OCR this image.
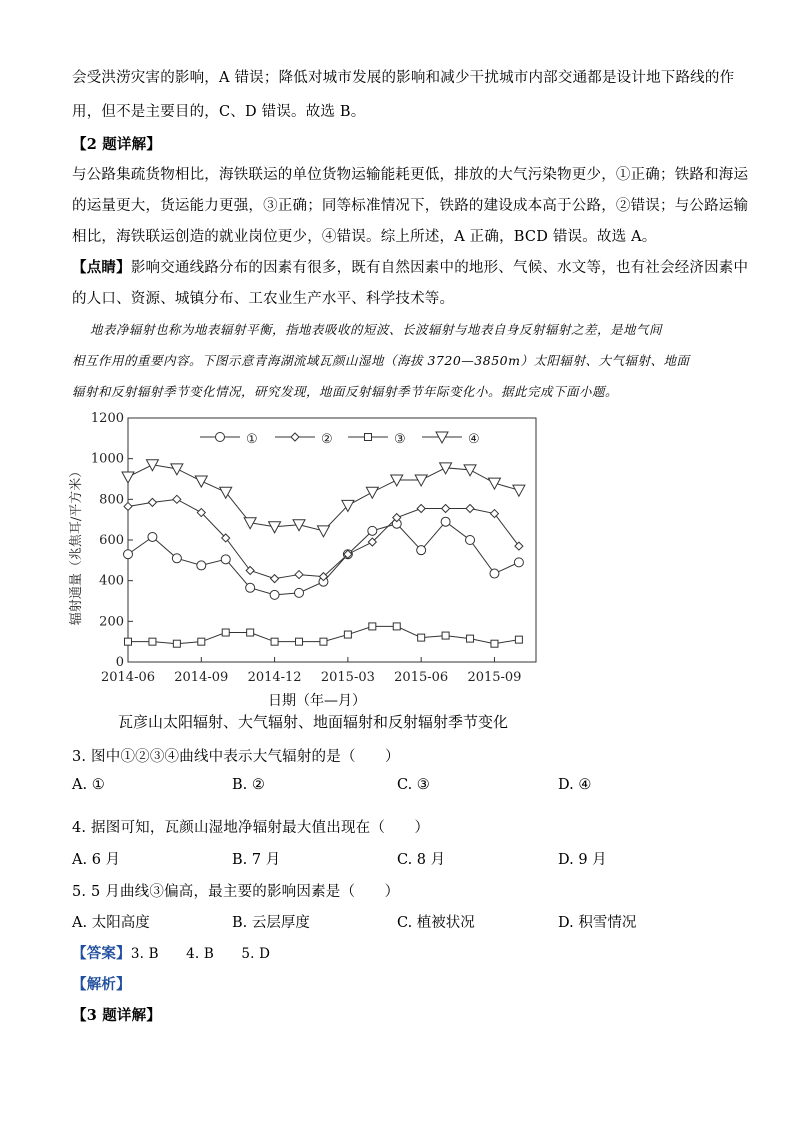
会受洪涝灾害的影响，A 错误；降低对城市发展的影响和减少干扰城市内部交通都是设计地下路线的作
用，但不是主要目的，C、D 错误。故选 B。
【2 题详解】
与公路集疏货物相比，海铁联运的单位货物运输能耗更低，排放的大气污染物更少，①正确；铁路和海运
的运量更大，货运能力更强，③正确；同等标准情况下，铁路的建设成本高于公路，②错误；与公路运输
相比，海铁联运创造的就业岗位更少，④错误。综上所述，A 正确，BCD 错误。故选 A。
【点睛】影响交通线路分布的因素有很多，既有自然因素中的地形、气候、水文等，也有社会经济因素中
的人口、资源、城镇分布、工农业生产水平、科学技术等。
地表净辐射也称为地表辐射平衡，指地表吸收的短波、长波辐射与地表自身反射辐射之差，是地气间
相互作用的重要内容。下图示意青海湖流域瓦颜山湿地（海拔 3720—3850m）太阳辐射、大气辐射、地面
辐射和反射辐射季节变化情况，研究发现，地面反射辐射季节年际变化小。据此完成下面小题。
辐射通量（兆焦耳/平方米）
0
200
400
600
800
1000
1200
2014-06 2014-09 2014-12 2015-03 2015-06 2015-09
①	②	③	④
日期（年—月）
瓦彦山太阳辐射、大气辐射、地面辐射和反射辐射季节变化
3. 图中①②③④曲线中表示大气辐射的是（　　）
A. ①	B. ②	C. ③	D. ④
4. 据图可知，瓦颜山湿地净辐射最大值出现在（　　）
A. 6 月	B. 7 月	C. 8 月	D. 9 月
5. 5 月曲线③偏高，最主要的影响因素是（　　）
A. 太阳高度	B. 云层厚度	C. 植被状况	D. 积雪情况
【答案】3. B　　4. B　　5. D
【解析】
【3 题详解】
